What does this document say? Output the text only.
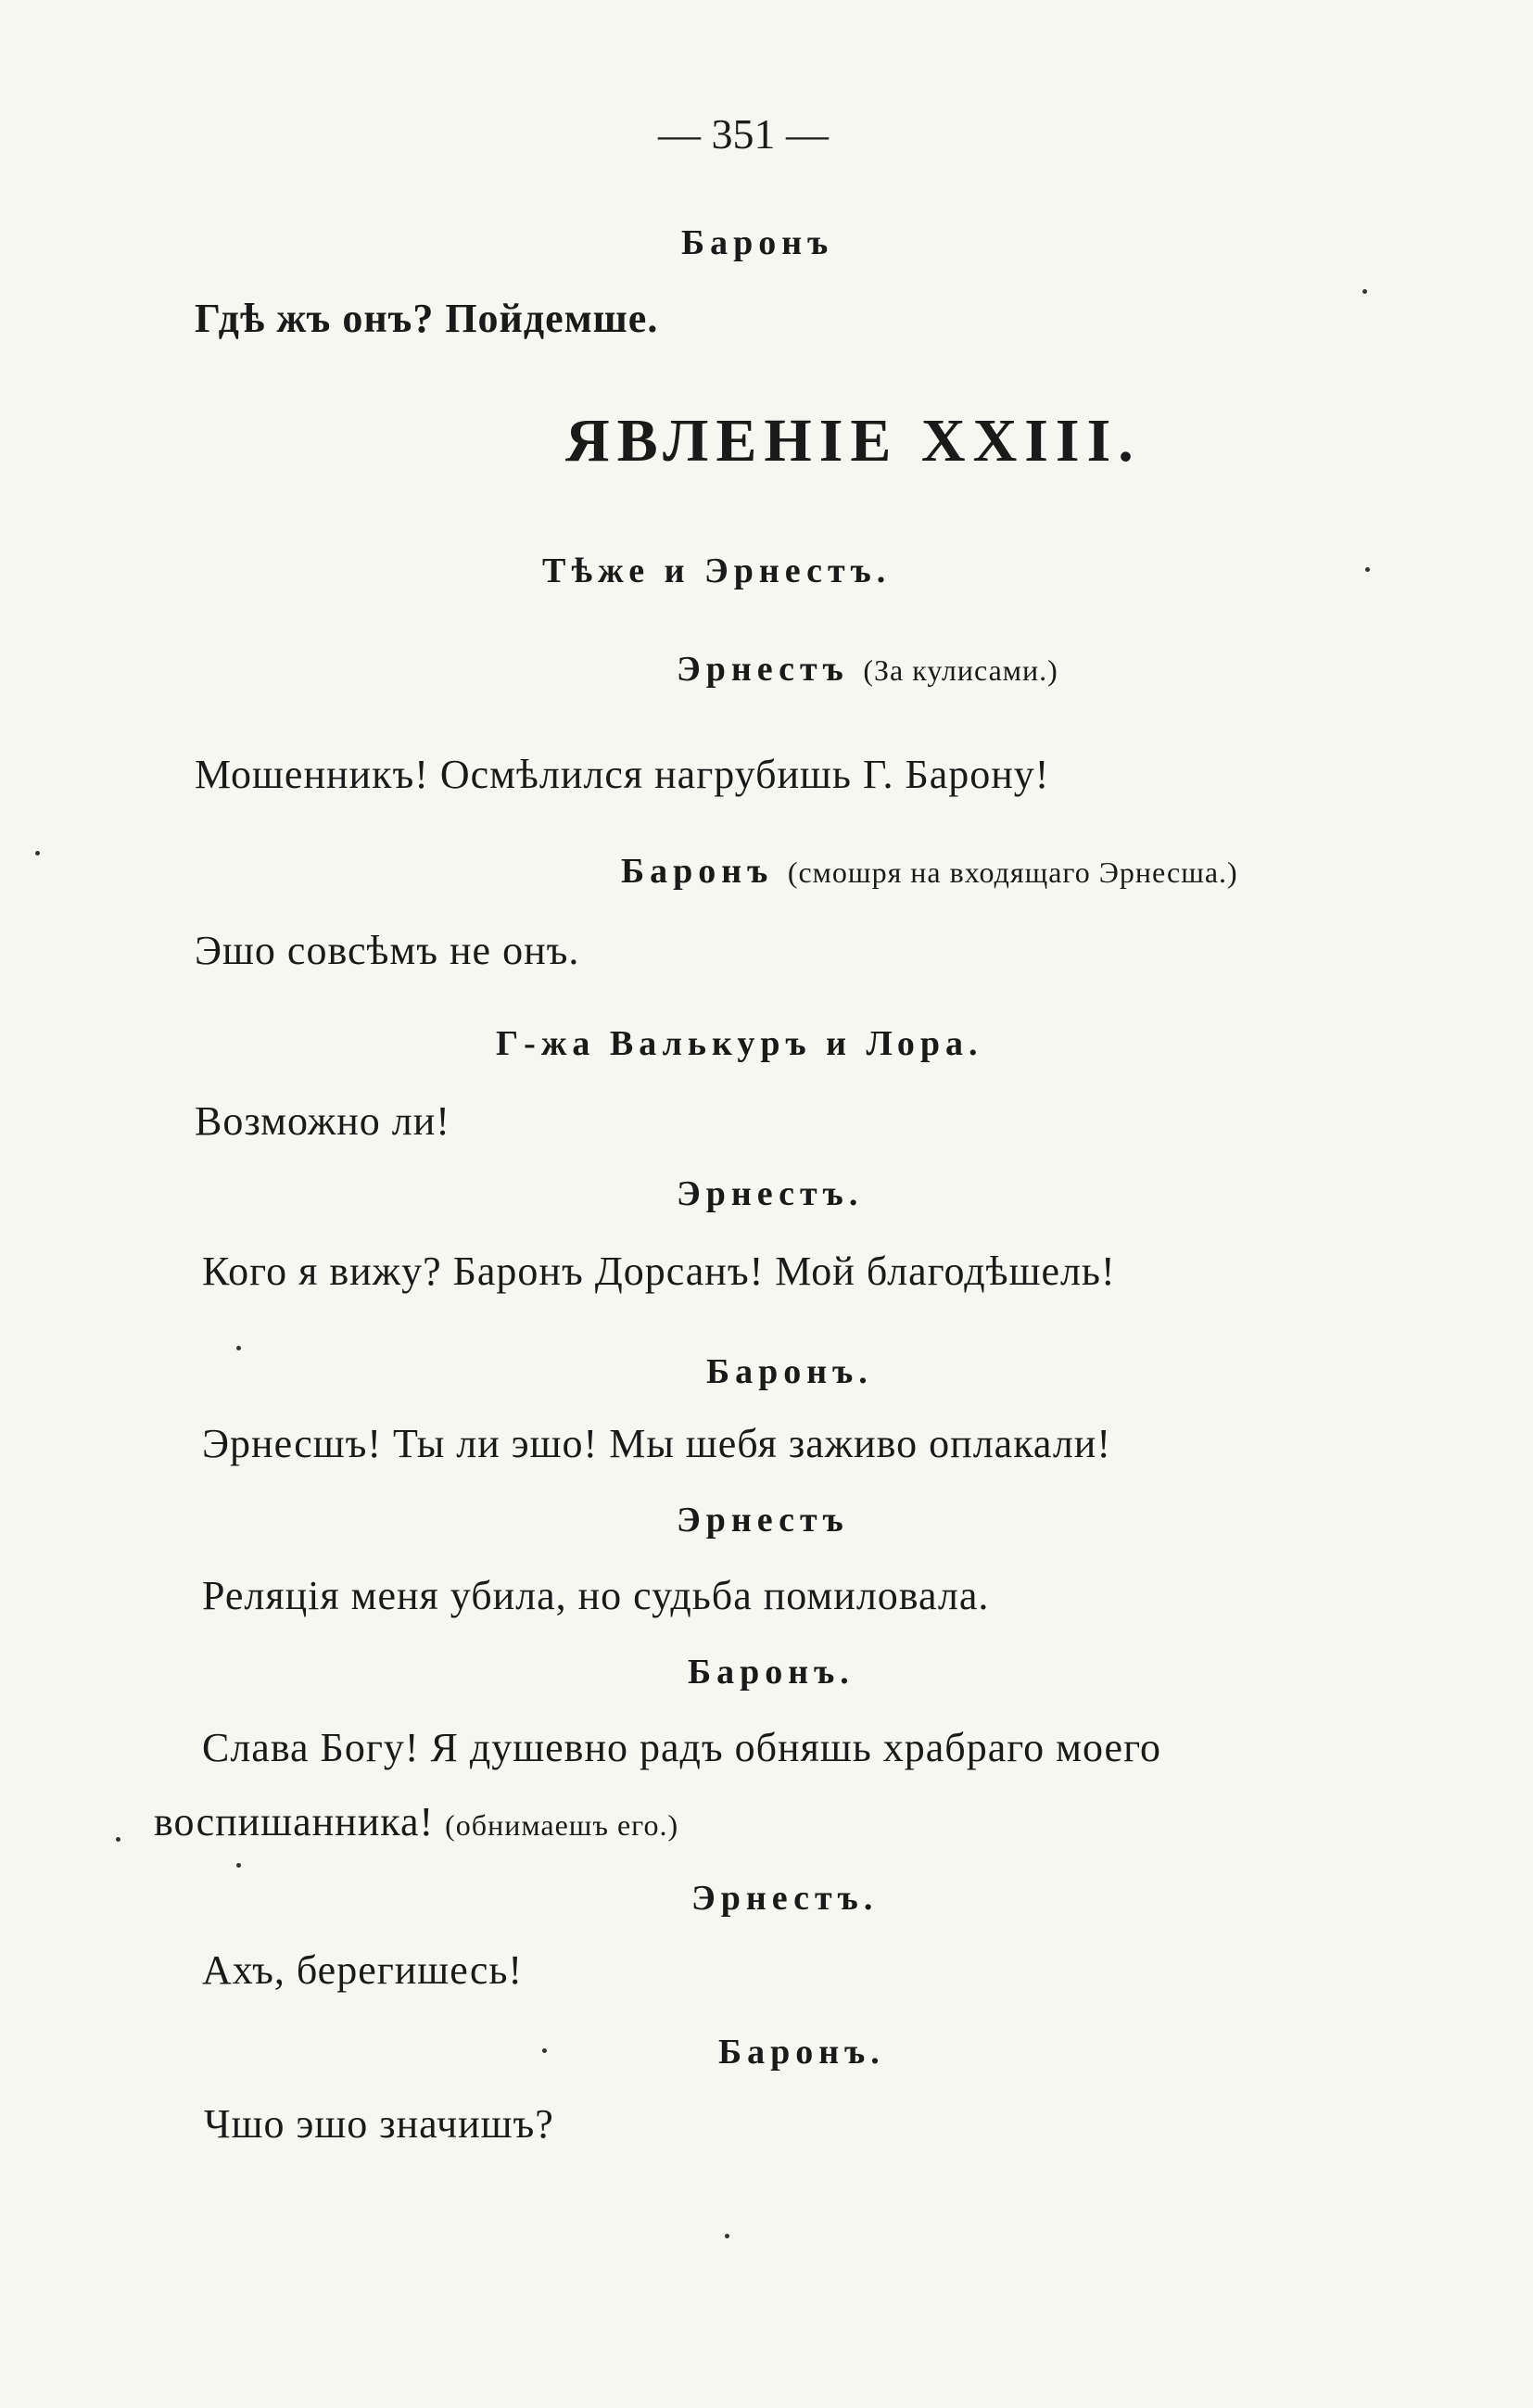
— 351 —
Баронъ
Гдѣ жъ онъ? Пойдемше.
ЯВЛЕНІЕ XXIII.
Тѣже и Эрнестъ.
Эрнестъ (За кулисами.)
Мошенникъ! Осмѣлился нагрубишь Г. Барону!
Баронъ (смошря на входящаго Эрнесша.)
Эшо совсѣмъ не онъ.
Г-жа Валькуръ и Лора.
Возможно ли!
Эрнестъ.
Кого я вижу? Баронъ Дорсанъ! Мой благодѣшель!
Баронъ.
Эрнесшъ! Ты ли эшо! Мы шебя заживо оплакали!
Эрнестъ
Реляція меня убила, но судьба помиловала.
Баронъ.
Слава Богу! Я душевно радъ обняшь храбраго моего
воспишанника! (обнимаешъ его.)
Эрнестъ.
Ахъ, берегишесь!
Баронъ.
Чшо эшо значишъ?
